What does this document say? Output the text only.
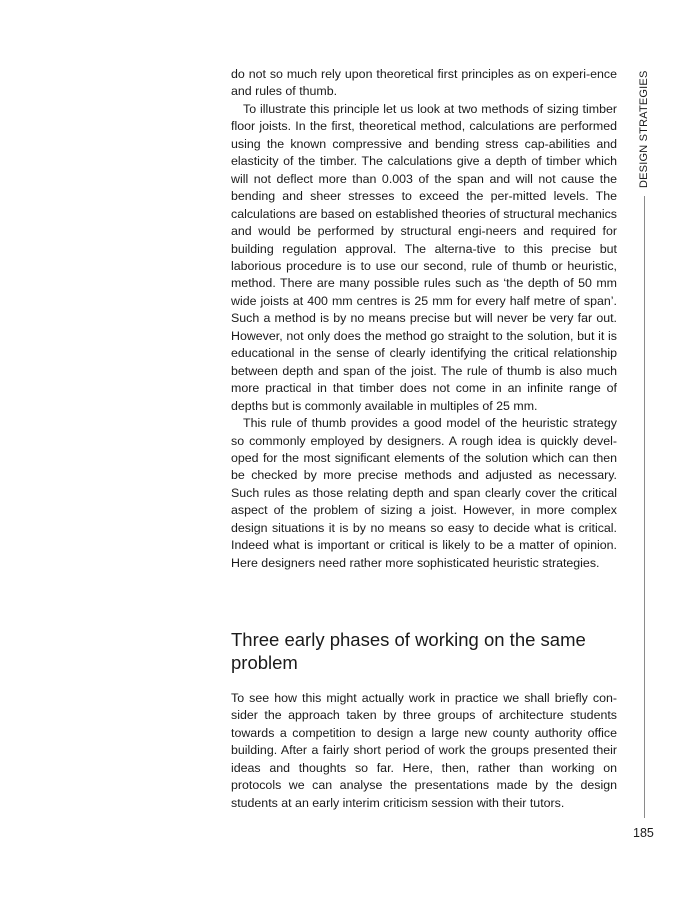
do not so much rely upon theoretical first principles as on experi-ence and rules of thumb.

To illustrate this principle let us look at two methods of sizing timber floor joists. In the first, theoretical method, calculations are performed using the known compressive and bending stress cap-abilities and elasticity of the timber. The calculations give a depth of timber which will not deflect more than 0.003 of the span and will not cause the bending and sheer stresses to exceed the per-mitted levels. The calculations are based on established theories of structural mechanics and would be performed by structural engi-neers and required for building regulation approval. The alterna-tive to this precise but laborious procedure is to use our second, rule of thumb or heuristic, method. There are many possible rules such as ‘the depth of 50 mm wide joists at 400 mm centres is 25 mm for every half metre of span’. Such a method is by no means precise but will never be very far out. However, not only does the method go straight to the solution, but it is educational in the sense of clearly identifying the critical relationship between depth and span of the joist. The rule of thumb is also much more practical in that timber does not come in an infinite range of depths but is commonly available in multiples of 25 mm.

This rule of thumb provides a good model of the heuristic strategy so commonly employed by designers. A rough idea is quickly devel-oped for the most significant elements of the solution which can then be checked by more precise methods and adjusted as necessary. Such rules as those relating depth and span clearly cover the critical aspect of the problem of sizing a joist. However, in more complex design situations it is by no means so easy to decide what is critical. Indeed what is important or critical is likely to be a matter of opinion. Here designers need rather more sophisticated heuristic strategies.

Three early phases of working on the same problem

To see how this might actually work in practice we shall briefly con-sider the approach taken by three groups of architecture students towards a competition to design a large new county authority office building. After a fairly short period of work the groups presented their ideas and thoughts so far. Here, then, rather than working on protocols we can analyse the presentations made by the design students at an early interim criticism session with their tutors.

DESIGN STRATEGIES
185
